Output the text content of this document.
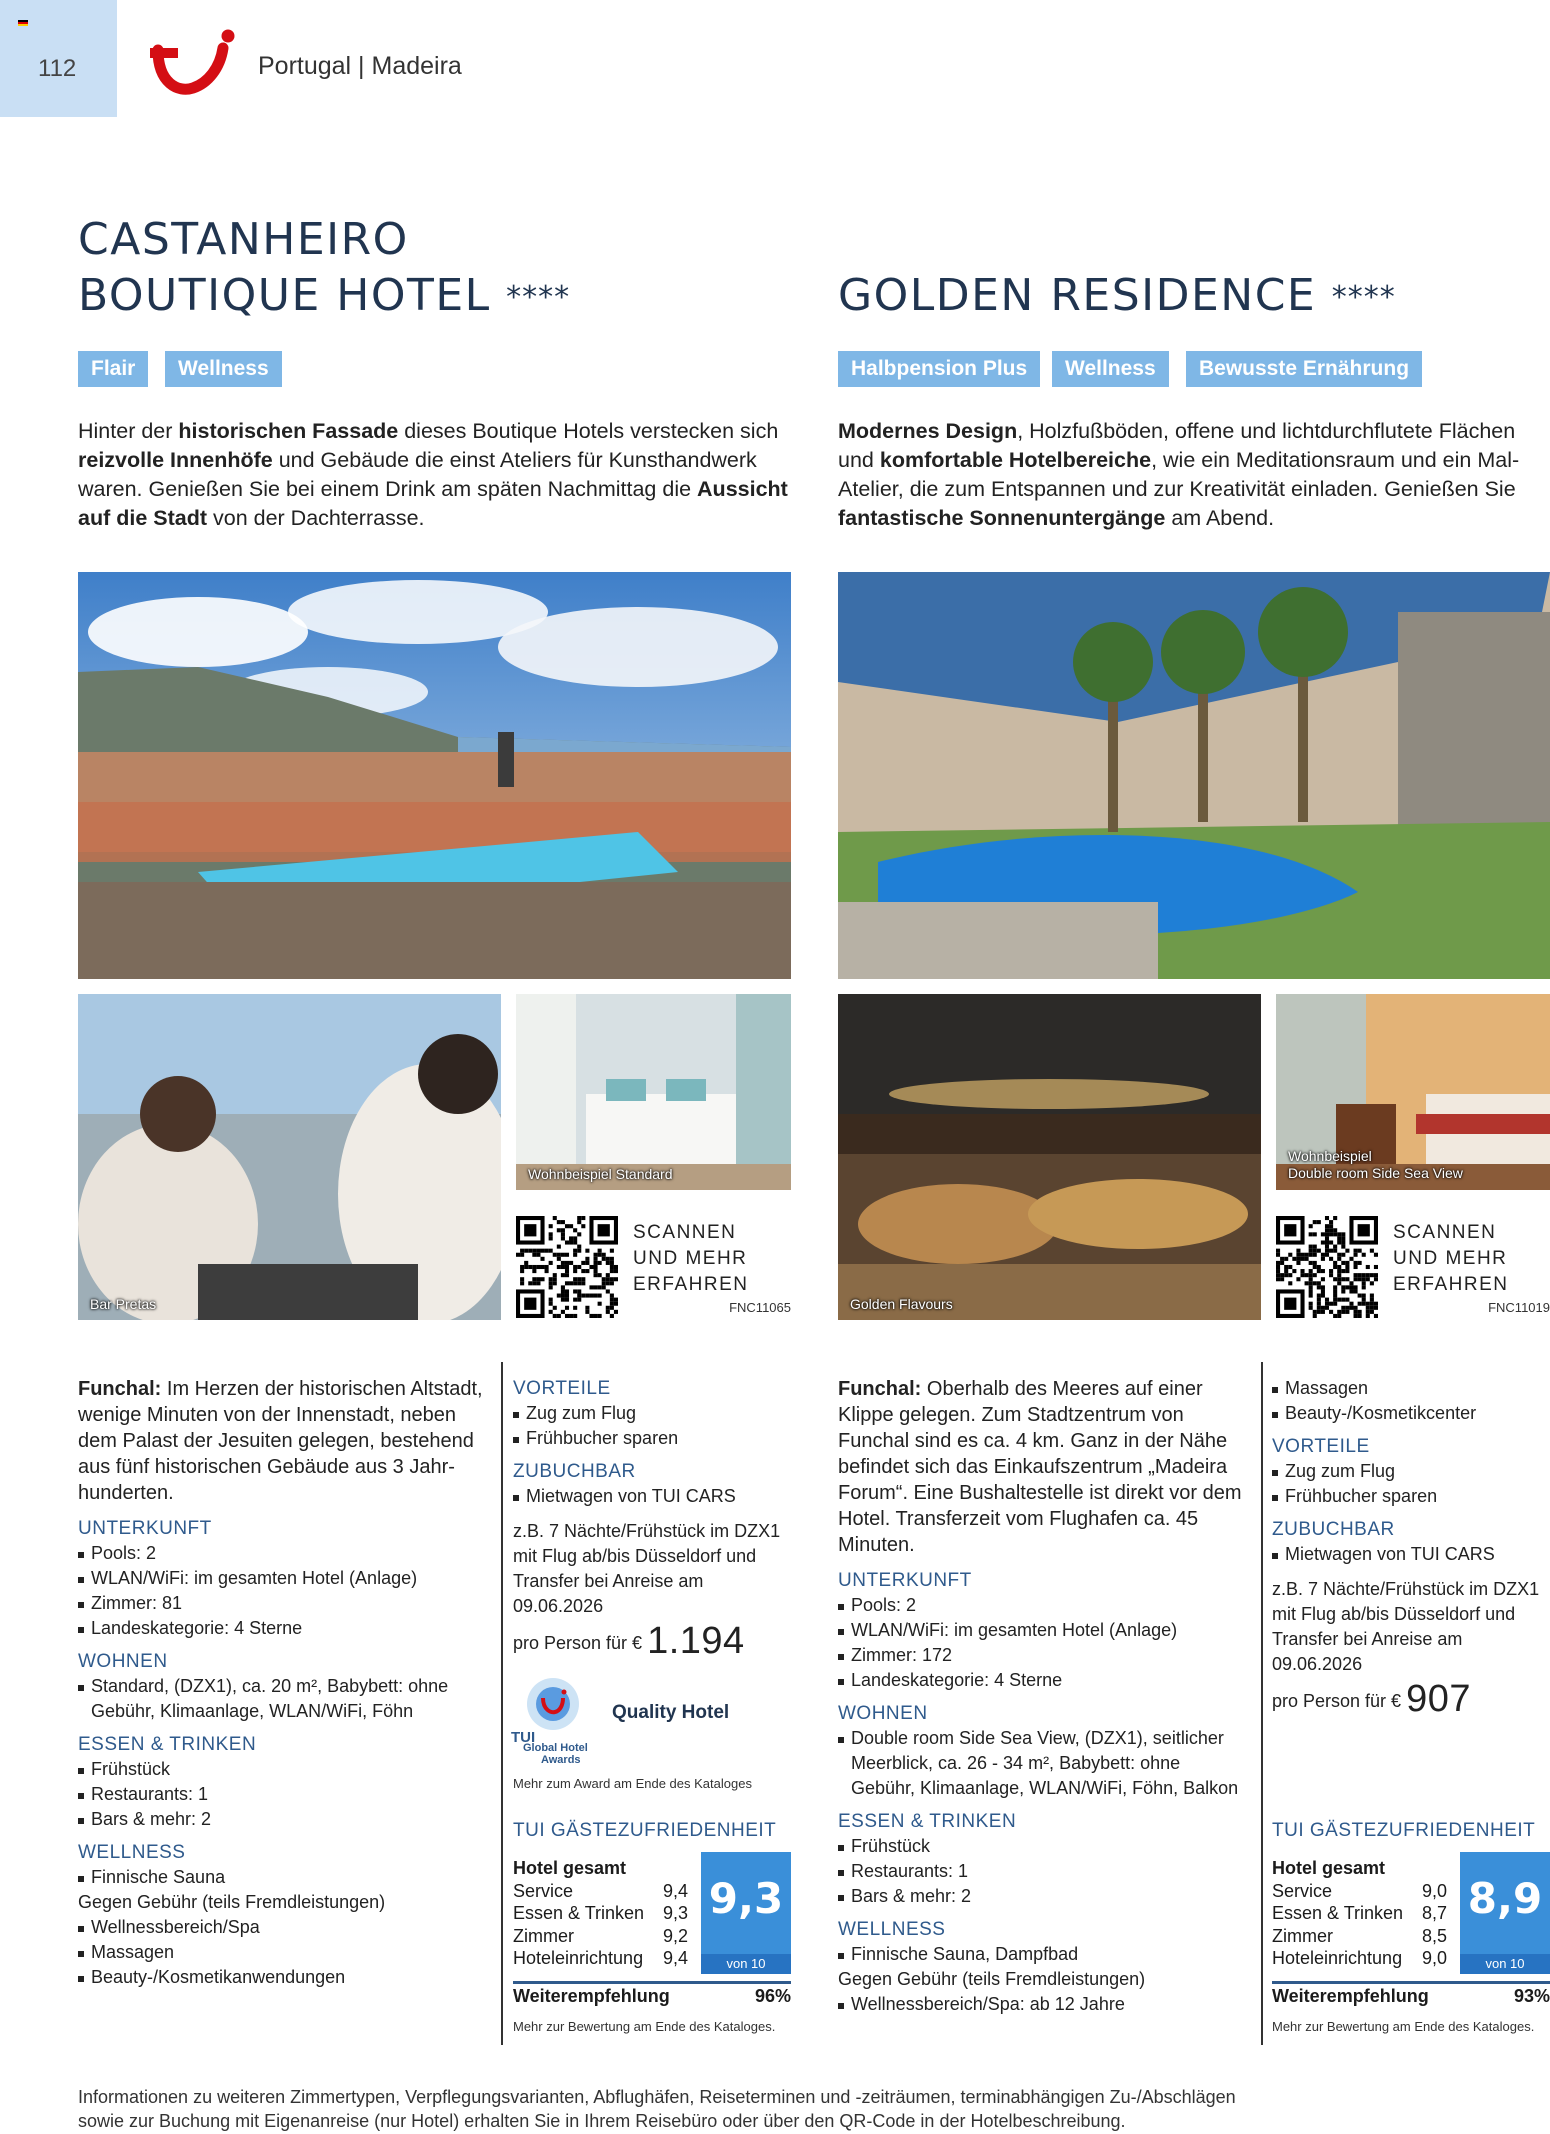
112	Portugal | Madeira
CASTANHEIRO
BOUTIQUE HOTEL ****
Flair	Wellness
Hinter der historischen Fassade dieses Boutique Hotels verstecken sich reizvolle Innenhöfe und Gebäude die einst Ateliers für Kunsthandwerk waren. Genießen Sie bei einem Drink am späten Nachmittag die Aussicht auf die Stadt von der Dachterrasse.
GOLDEN RESIDENCE ****
Halbpension Plus	Wellness	Bewusste Ernährung
Modernes Design, Holzfußböden, offene und lichtdurchflutete Flächen und komfortable Hotelbereiche, wie ein Meditationsraum und ein Mal-Atelier, die zum Entspannen und zur Kreativität einladen. Genießen Sie fantastische Sonnenuntergänge am Abend.
Bar Pretas
Wohnbeispiel Standard
SCANNEN
UND MEHR
ERFAHREN
FNC11065	Golden Flavours
Wohnbeispiel
Double room Side Sea View
SCANNEN
UND MEHR
ERFAHREN
FNC11019
Funchal: Im Herzen der historischen Altstadt, wenige Minuten von der Innenstadt, neben dem Palast der Jesuiten gelegen, bestehend aus fünf historischen Gebäude aus 3 Jahr-hunderten.
UNTERKUNFT
Pools: 2
WLAN/WiFi: im gesamten Hotel (Anlage)
Zimmer: 81
Landeskategorie: 4 Sterne
WOHNEN
Standard, (DZX1), ca. 20 m², Babybett: ohne Gebühr, Klimaanlage, WLAN/WiFi, Föhn
ESSEN & TRINKEN
Frühstück
Restaurants: 1
Bars & mehr: 2
WELLNESS
Finnische Sauna
Gegen Gebühr (teils Fremdleistungen)
Wellnessbereich/Spa
Massagen
Beauty-/Kosmetikanwendungen
VORTEILE
Zug zum Flug
Frühbucher sparen
ZUBUCHBAR
Mietwagen von TUI CARS
z.B. 7 Nächte/Frühstück im DZX1 mit Flug ab/bis Düsseldorf und Transfer bei Anreise am 09.06.2026
pro Person für € 1.194
TUI
Global Hotel
Awards
Quality Hotel
Mehr zum Award am Ende des Kataloges
TUI GÄSTEZUFRIEDENHEIT
Hotel gesamt
Service	9,4
Essen & Trinken 9,3
Zimmer	9,2
Hoteleinrichtung 9,4
9,3
von 10
Weiterempfehlung	96%
Mehr zur Bewertung am Ende des Kataloges.
Funchal: Oberhalb des Meeres auf einer Klippe gelegen. Zum Stadtzentrum von Funchal sind es ca. 4 km. Ganz in der Nähe befindet sich das Einkaufszentrum „Madeira Forum“. Eine Bushaltestelle ist direkt vor dem Hotel. Transferzeit vom Flughafen ca. 45 Minuten.
UNTERKUNFT
Pools: 2
WLAN/WiFi: im gesamten Hotel (Anlage)
Zimmer: 172
Landeskategorie: 4 Sterne
WOHNEN
Double room Side Sea View, (DZX1), seitlicher Meerblick, ca. 26 - 34 m², Babybett: ohne Gebühr, Klimaanlage, WLAN/WiFi, Föhn, Balkon
ESSEN & TRINKEN
Frühstück
Restaurants: 1
Bars & mehr: 2
WELLNESS
Finnische Sauna, Dampfbad
Gegen Gebühr (teils Fremdleistungen)
Wellnessbereich/Spa: ab 12 Jahre
Massagen
Beauty-/Kosmetikcenter
VORTEILE
Zug zum Flug
Frühbucher sparen
ZUBUCHBAR
Mietwagen von TUI CARS
z.B. 7 Nächte/Frühstück im DZX1 mit Flug ab/bis Düsseldorf und Transfer bei Anreise am 09.06.2026
pro Person für € 907
TUI GÄSTEZUFRIEDENHEIT
Hotel gesamt
Service	9,0
Essen & Trinken 8,7
Zimmer	8,5
Hoteleinrichtung 9,0
8,9
von 10
Weiterempfehlung	93%
Mehr zur Bewertung am Ende des Kataloges.
Informationen zu weiteren Zimmertypen, Verpflegungsvarianten, Abflughäfen, Reiseterminen und -zeiträumen, terminabhängigen Zu-/Abschlägen sowie zur Buchung mit Eigenanreise (nur Hotel) erhalten Sie in Ihrem Reisebüro oder über den QR-Code in der Hotelbeschreibung.
